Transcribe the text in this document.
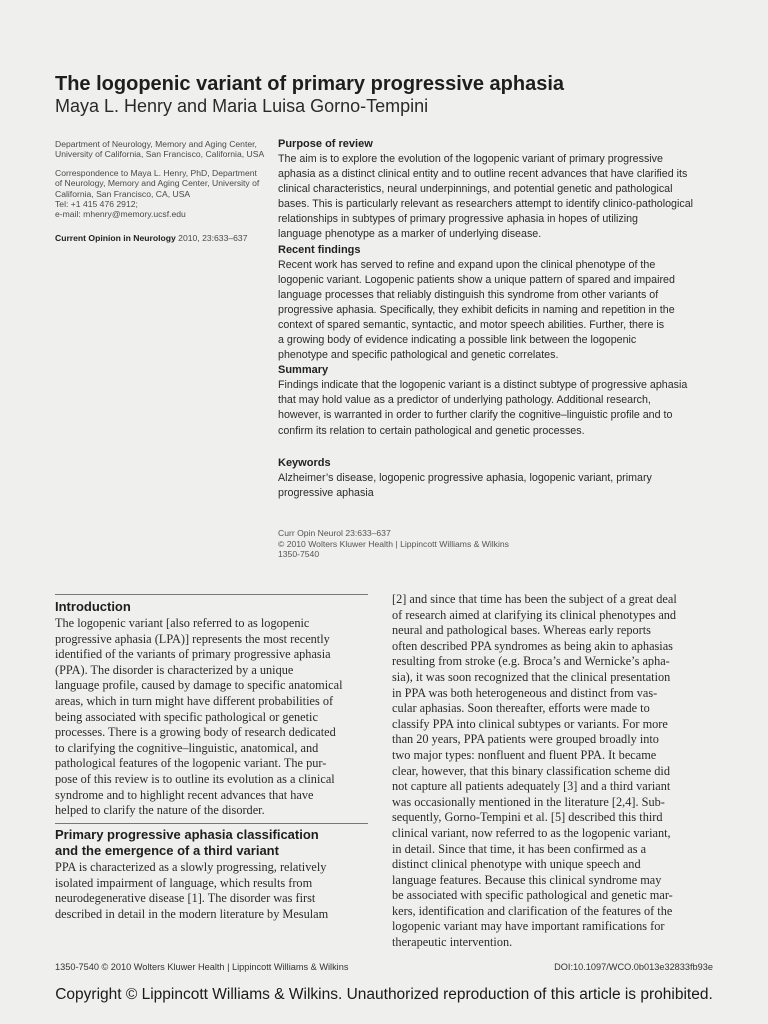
The logopenic variant of primary progressive aphasia
Maya L. Henry and Maria Luisa Gorno-Tempini
Department of Neurology, Memory and Aging Center,
University of California, San Francisco, California, USA
Correspondence to Maya L. Henry, PhD, Department
of Neurology, Memory and Aging Center, University of
California, San Francisco, CA, USA
Tel: +1 415 476 2912;
e-mail: mhenry@memory.ucsf.edu
Current Opinion in Neurology 2010, 23:633–637
Purpose of review
The aim is to explore the evolution of the logopenic variant of primary progressive
aphasia as a distinct clinical entity and to outline recent advances that have clarified its
clinical characteristics, neural underpinnings, and potential genetic and pathological
bases. This is particularly relevant as researchers attempt to identify clinico-pathological
relationships in subtypes of primary progressive aphasia in hopes of utilizing
language phenotype as a marker of underlying disease.
Recent findings
Recent work has served to refine and expand upon the clinical phenotype of the
logopenic variant. Logopenic patients show a unique pattern of spared and impaired
language processes that reliably distinguish this syndrome from other variants of
progressive aphasia. Specifically, they exhibit deficits in naming and repetition in the
context of spared semantic, syntactic, and motor speech abilities. Further, there is
a growing body of evidence indicating a possible link between the logopenic
phenotype and specific pathological and genetic correlates.
Summary
Findings indicate that the logopenic variant is a distinct subtype of progressive aphasia
that may hold value as a predictor of underlying pathology. Additional research,
however, is warranted in order to further clarify the cognitive–linguistic profile and to
confirm its relation to certain pathological and genetic processes.
Keywords
Alzheimer’s disease, logopenic progressive aphasia, logopenic variant, primary
progressive aphasia
Curr Opin Neurol 23:633–637
© 2010 Wolters Kluwer Health | Lippincott Williams & Wilkins
1350-7540
Introduction
The logopenic variant [also referred to as logopenic
progressive aphasia (LPA)] represents the most recently
identified of the variants of primary progressive aphasia
(PPA). The disorder is characterized by a unique
language profile, caused by damage to specific anatomical
areas, which in turn might have different probabilities of
being associated with specific pathological or genetic
processes. There is a growing body of research dedicated
to clarifying the cognitive–linguistic, anatomical, and
pathological features of the logopenic variant. The pur-
pose of this review is to outline its evolution as a clinical
syndrome and to highlight recent advances that have
helped to clarify the nature of the disorder.
Primary progressive aphasia classification
and the emergence of a third variant
PPA is characterized as a slowly progressing, relatively
isolated impairment of language, which results from
neurodegenerative disease [1]. The disorder was first
described in detail in the modern literature by Mesulam
[2] and since that time has been the subject of a great deal
of research aimed at clarifying its clinical phenotypes and
neural and pathological bases. Whereas early reports
often described PPA syndromes as being akin to aphasias
resulting from stroke (e.g. Broca’s and Wernicke’s apha-
sia), it was soon recognized that the clinical presentation
in PPA was both heterogeneous and distinct from vas-
cular aphasias. Soon thereafter, efforts were made to
classify PPA into clinical subtypes or variants. For more
than 20 years, PPA patients were grouped broadly into
two major types: nonfluent and fluent PPA. It became
clear, however, that this binary classification scheme did
not capture all patients adequately [3] and a third variant
was occasionally mentioned in the literature [2,4]. Sub-
sequently, Gorno-Tempini et al. [5] described this third
clinical variant, now referred to as the logopenic variant,
in detail. Since that time, it has been confirmed as a
distinct clinical phenotype with unique speech and
language features. Because this clinical syndrome may
be associated with specific pathological and genetic mar-
kers, identification and clarification of the features of the
logopenic variant may have important ramifications for
therapeutic intervention.
1350-7540 © 2010 Wolters Kluwer Health | Lippincott Williams & Wilkins	DOI:10.1097/WCO.0b013e32833fb93e
Copyright © Lippincott Williams & Wilkins. Unauthorized reproduction of this article is prohibited.
